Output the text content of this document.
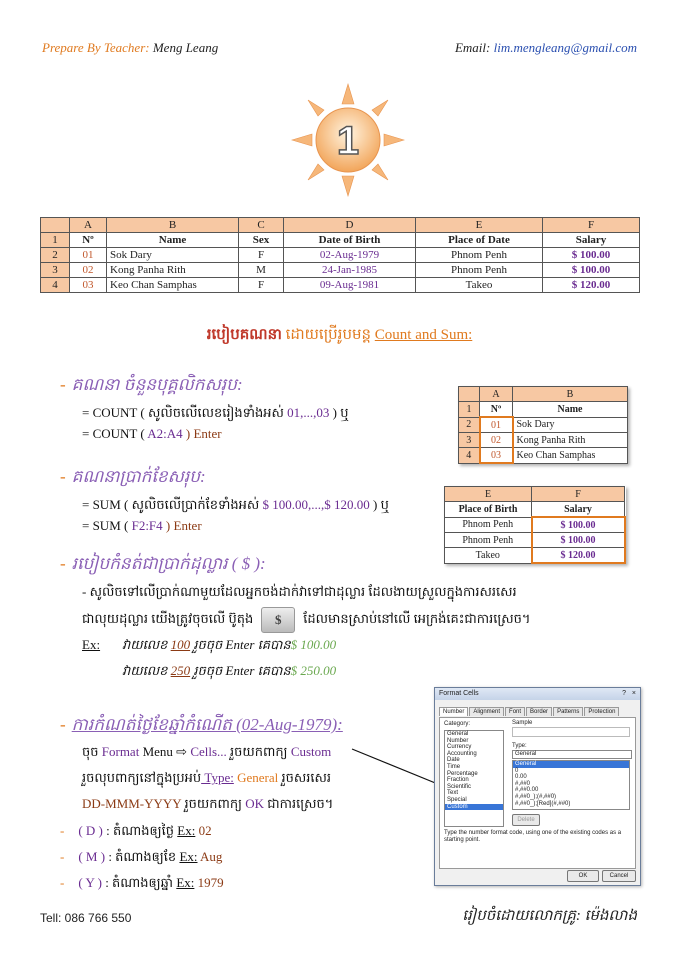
Prepare By Teacher: Meng Leang	Email: lim.mengleang@gmail.com
1
	A	B	C	D	E	F
1	Nº	Name	Sex	Date of Birth	Place of Date	Salary
2	01	Sok Dary	F	02-Aug-1979	Phnom Penh	$ 100.00
3	02	Kong Panha Rith	M	24-Jan-1985	Phnom Penh	$ 100.00
4	03	Keo Chan Samphas	F	09-Aug-1981	Takeo	$ 120.00
របៀបគណនា ដោយប្រើរូបមន្ត Count and Sum:
- គណនា ចំនួនបុគ្គលិកសរុប:
= COUNT ( សូលិចលើលេខរៀងទាំងអស់ 01,...,03 ) ឬ
= COUNT ( A2:A4 ) Enter
	A	B
1	Nº	Name
2	01	Sok Dary
3	02	Kong Panha Rith
4	03	Keo Chan Samphas
- គណនាប្រាក់ខែសរុប:
= SUM ( សូលិចលើប្រាក់ខែទាំងអស់ $ 100.00,...,$ 120.00 ) ឬ
= SUM ( F2:F4 ) Enter
E	F
Place of Birth	Salary
Phnom Penh	$ 100.00
Phnom Penh	$ 100.00
Takeo	$ 120.00
- របៀបកំនត់ជាប្រាក់ដុល្លារ ( $ ):
- សូលិចទៅលើប្រាក់ណាមួយដែលអ្នកចង់ដាក់វាទៅជាដុល្លារ ដែលងាយស្រួលក្នុងការសរសេរ
ជាលុយដុល្លារ យើងត្រូវចុចលើ ប៊ូតុង $ ដែលមានស្រាប់នៅលើ អេក្រង់គេះជាការស្រេច។
Ex: វាយលេខ 100 រួចចុច Enter គេបាន$ 100.00
វាយលេខ 250 រួចចុច Enter គេបាន$ 250.00
- ការកំណត់ថ្ងៃខែឆ្នាំកំណើត (02-Aug-1979):
ចុច Format Menu ⇨ Cells... រួចយកពាក្យ Custom
រួចលុបពាក្យនៅក្នុងប្រអប់ Type: General រួចសរសេរ
DD-MMM-YYYY រួចយកពាក្យ OK ជាការស្រេច។
- ( D ) : តំណាងឲ្យថ្ងៃ Ex: 02
- ( M ) : តំណាងឲ្យខែ Ex: Aug
- ( Y ) : តំណាងឲ្យឆ្នាំ Ex: 1979
Format Cells	? ×
Number Alignment Font Border Patterns Protection
Category:
General
Number
Currency
Accounting
Date
Time
Percentage
Fraction
Scientific
Text
Special
Custom
Sample
Type:
General
General
0
0.00
#,##0
#,##0.00
#,##0_);(#,##0)
#,##0_);[Red](#,##0)
Delete
Type the number format code, using one of the existing codes as a starting point.
OK	Cancel
Tell: 086 766 550	រៀបចំដោយលោកគ្រូ: ម៉េងលាង
